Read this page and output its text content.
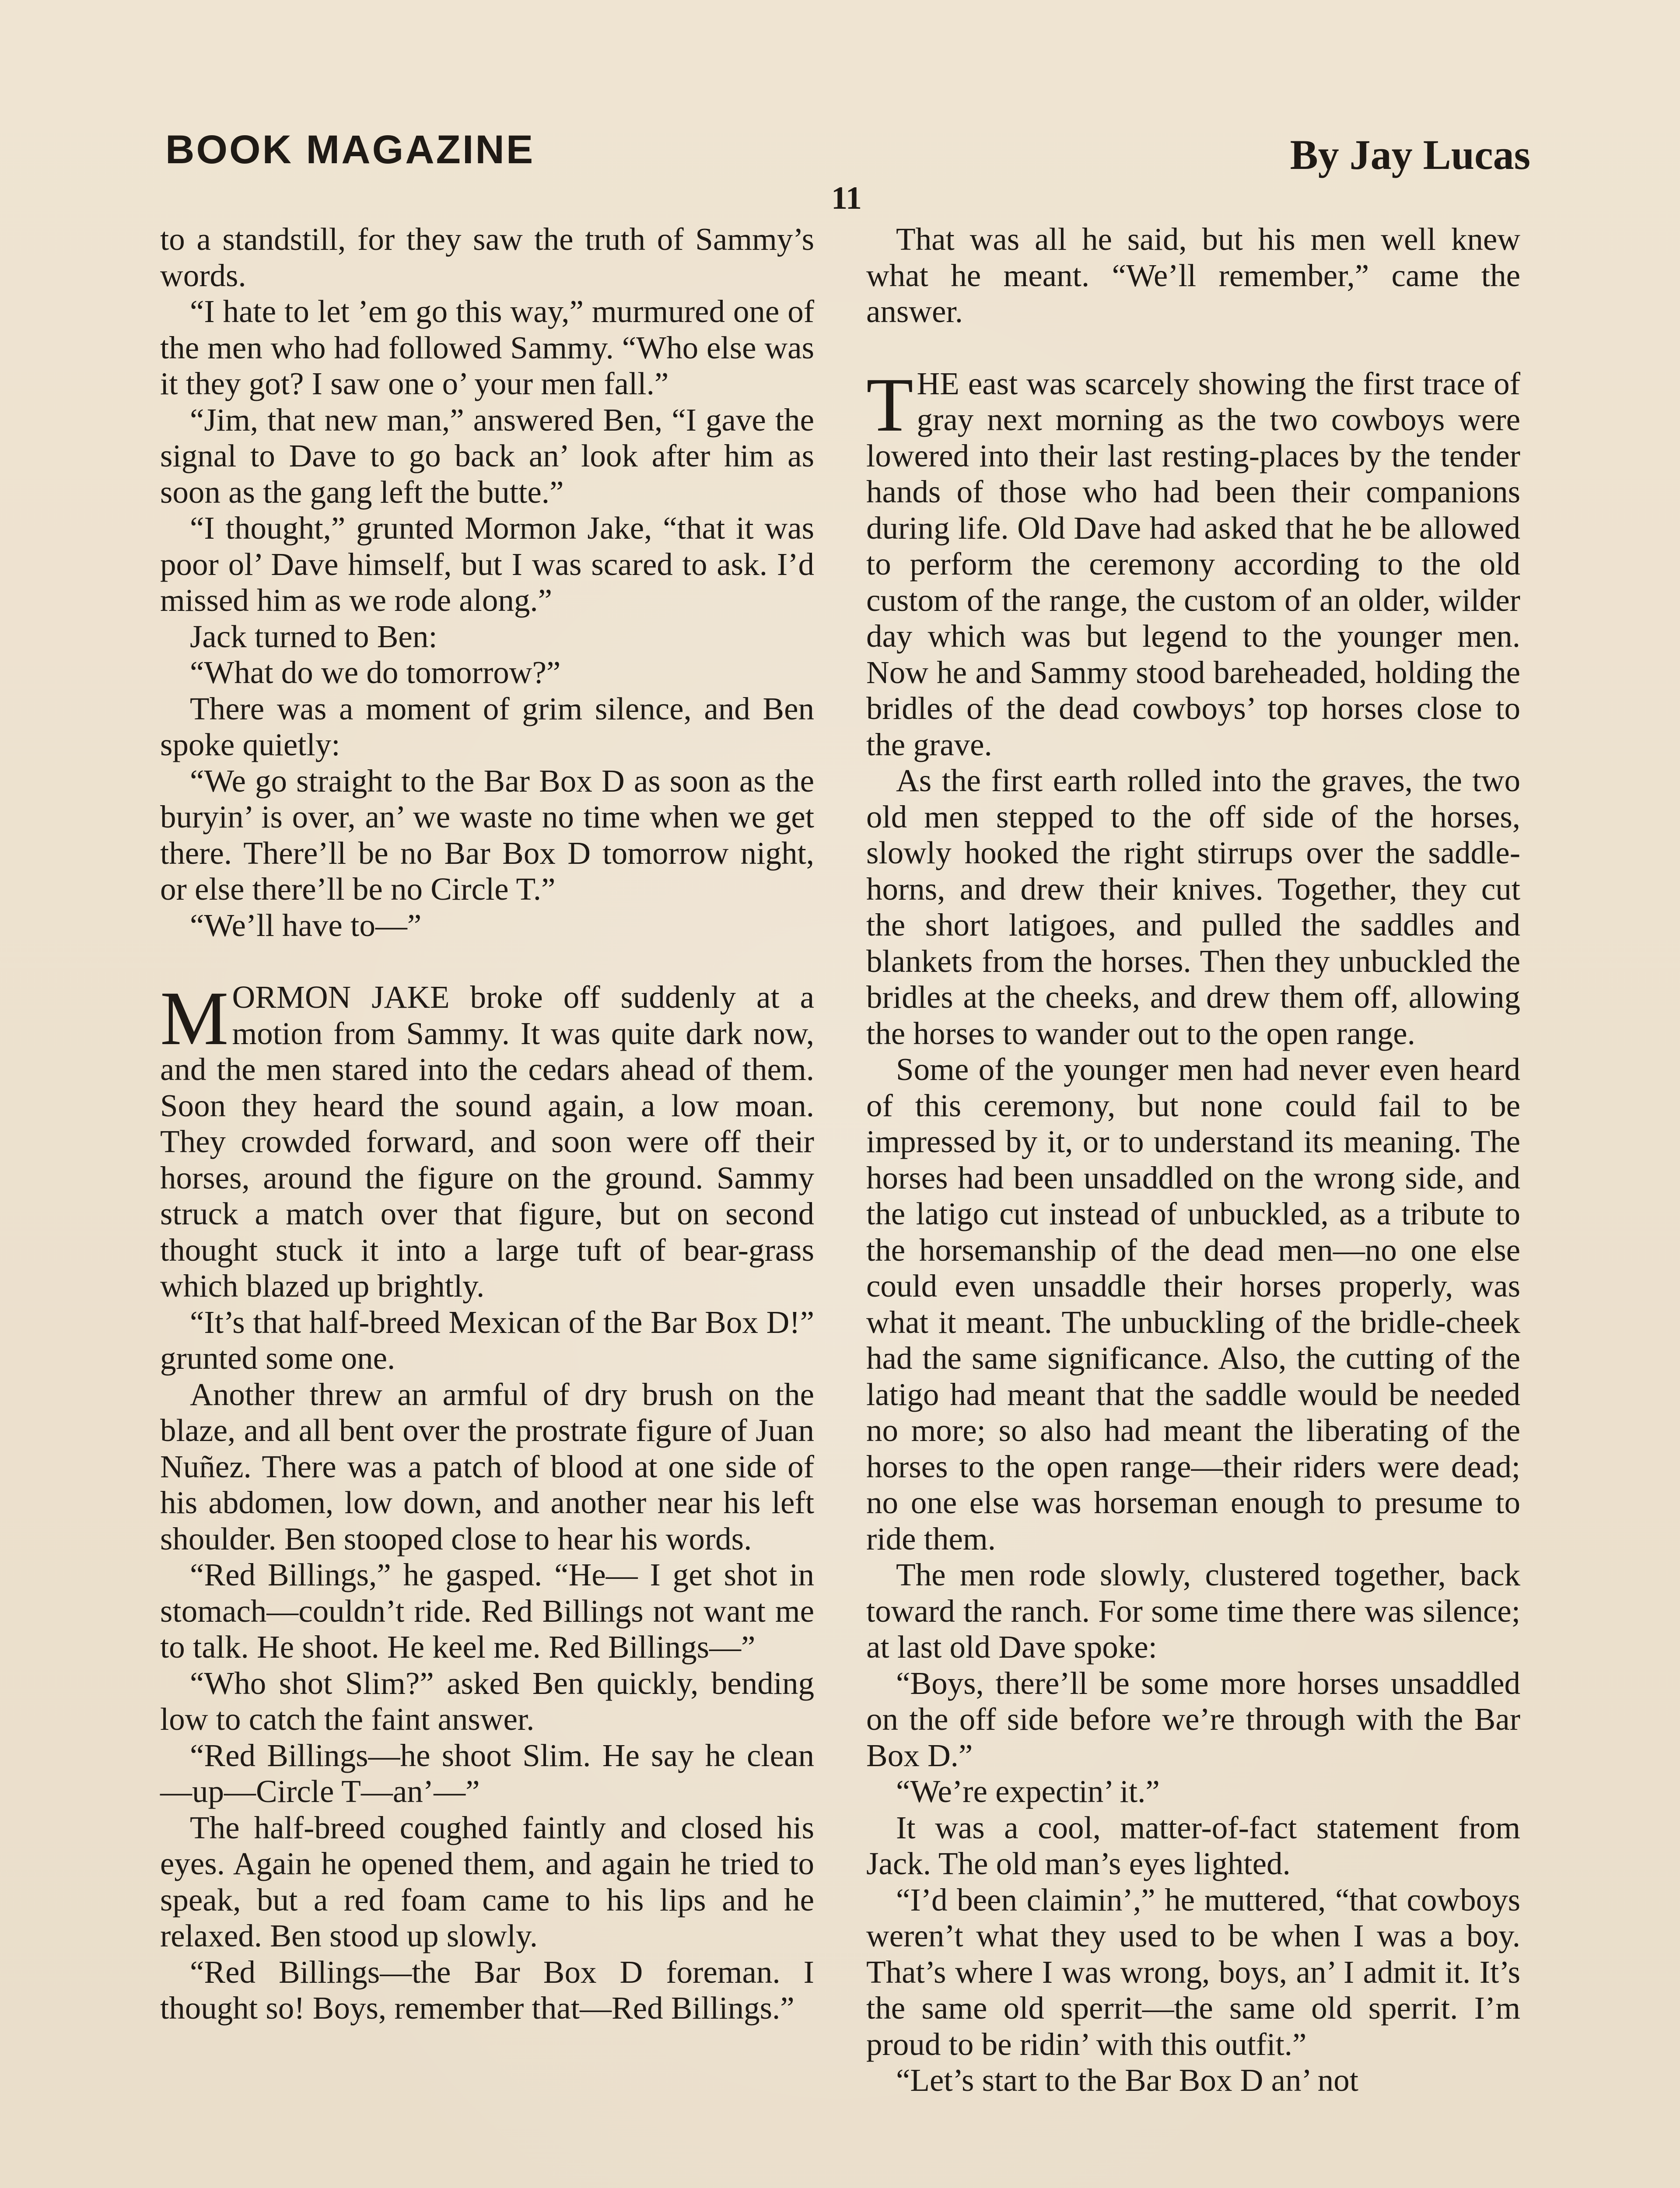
BOOK MAGAZINE	By Jay Lucas
11

to a standstill, for they saw the truth of Sammy’s words.

“I hate to let ’em go this way,” murmured one of the men who had followed Sammy. “Who else was it they got? I saw one o’ your men fall.”

“Jim, that new man,” answered Ben, “I gave the signal to Dave to go back an’ look after him as soon as the gang left the butte.”

“I thought,” grunted Mormon Jake, “that it was poor ol’ Dave himself, but I was scared to ask. I’d missed him as we rode along.”

Jack turned to Ben:

“What do we do tomorrow?”

There was a moment of grim silence, and Ben spoke quietly:

“We go straight to the Bar Box D as soon as the buryin’ is over, an’ we waste no time when we get there. There’ll be no Bar Box D tomorrow night, or else there’ll be no Circle T.”

“We’ll have to—”

MORMON JAKE broke off suddenly at a motion from Sammy. It was quite dark now, and the men stared into the cedars ahead of them. Soon they heard the sound again, a low moan. They crowded forward, and soon were off their horses, around the figure on the ground. Sammy struck a match over that figure, but on second thought stuck it into a large tuft of bear-grass which blazed up brightly.

“It’s that half-breed Mexican of the Bar Box D!” grunted some one.

Another threw an armful of dry brush on the blaze, and all bent over the prostrate figure of Juan Nuñez. There was a patch of blood at one side of his abdomen, low down, and another near his left shoulder. Ben stooped close to hear his words.

“Red Billings,” he gasped. “He— I get shot in stomach—couldn’t ride. Red Billings not want me to talk. He shoot. He keel me. Red Billings—”

“Who shot Slim?” asked Ben quickly, bending low to catch the faint answer.

“Red Billings—he shoot Slim. He say he clean—up—Circle T—an’—”

The half-breed coughed faintly and closed his eyes. Again he opened them, and again he tried to speak, but a red foam came to his lips and he relaxed. Ben stood up slowly.

“Red Billings—the Bar Box D foreman. I thought so! Boys, remember that—Red Billings.”

That was all he said, but his men well knew what he meant. “We’ll remember,” came the answer.

THE east was scarcely showing the first trace of gray next morning as the two cowboys were lowered into their last resting-places by the tender hands of those who had been their companions during life. Old Dave had asked that he be allowed to perform the ceremony according to the old custom of the range, the custom of an older, wilder day which was but legend to the younger men. Now he and Sammy stood bareheaded, holding the bridles of the dead cowboys’ top horses close to the grave.

As the first earth rolled into the graves, the two old men stepped to the off side of the horses, slowly hooked the right stirrups over the saddle-horns, and drew their knives. Together, they cut the short latigoes, and pulled the saddles and blankets from the horses. Then they unbuckled the bridles at the cheeks, and drew them off, allowing the horses to wander out to the open range.

Some of the younger men had never even heard of this ceremony, but none could fail to be impressed by it, or to understand its meaning. The horses had been unsaddled on the wrong side, and the latigo cut instead of unbuckled, as a tribute to the horsemanship of the dead men—no one else could even unsaddle their horses properly, was what it meant. The unbuckling of the bridle-cheek had the same significance. Also, the cutting of the latigo had meant that the saddle would be needed no more; so also had meant the liberating of the horses to the open range—their riders were dead; no one else was horseman enough to presume to ride them.

The men rode slowly, clustered together, back toward the ranch. For some time there was silence; at last old Dave spoke:

“Boys, there’ll be some more horses unsaddled on the off side before we’re through with the Bar Box D.”

“We’re expectin’ it.”

It was a cool, matter-of-fact statement from Jack. The old man’s eyes lighted.

“I’d been claimin’,” he muttered, “that cowboys weren’t what they used to be when I was a boy. That’s where I was wrong, boys, an’ I admit it. It’s the same old sperrit—the same old sperrit. I’m proud to be ridin’ with this outfit.”

“Let’s start to the Bar Box D an’ not
